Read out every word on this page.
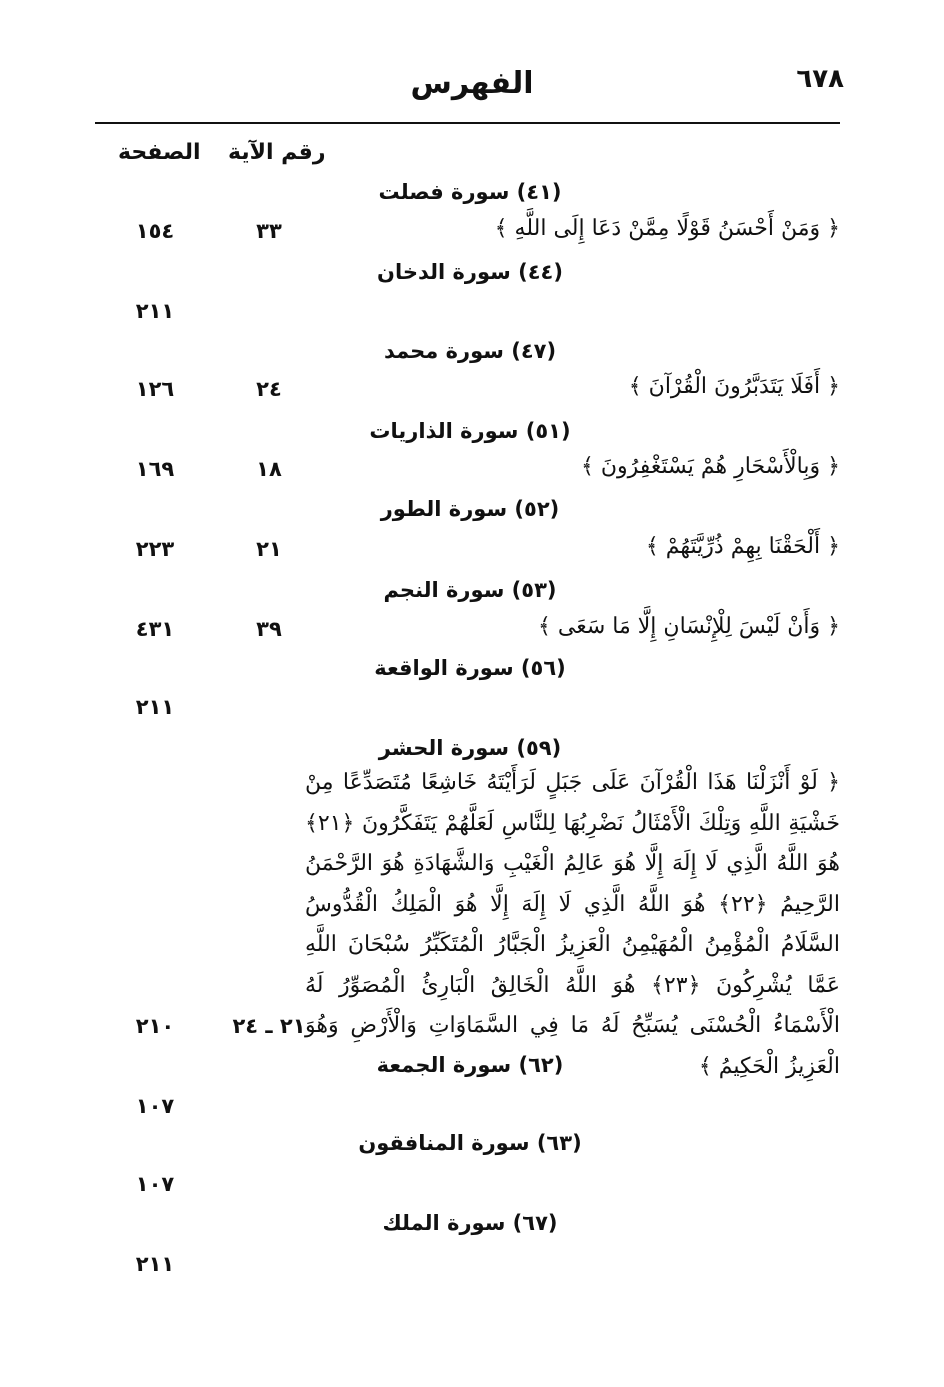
٦٧٨
الفهرس
رقم الآية
الصفحة
(٤١) سورة فصلت
﴿ وَمَنْ أَحْسَنُ قَوْلًا مِمَّنْ دَعَا إِلَى اللَّهِ ﴾
٣٣
١٥٤
(٤٤) سورة الدخان
٢١١
(٤٧) سورة محمد
﴿ أَفَلَا يَتَدَبَّرُونَ الْقُرْآنَ ﴾
٢٤
١٢٦
(٥١) سورة الذاريات
﴿ وَبِالْأَسْحَارِ هُمْ يَسْتَغْفِرُونَ ﴾
١٨
١٦٩
(٥٢) سورة الطور
﴿ أَلْحَقْنَا بِهِمْ ذُرِّيَّتَهُمْ ﴾
٢١
٢٢٣
(٥٣) سورة النجم
﴿ وَأَنْ لَيْسَ لِلْإِنْسَانِ إِلَّا مَا سَعَى ﴾
٣٩
٤٣١
(٥٦) سورة الواقعة
٢١١
(٥٩) سورة الحشر
﴿ لَوْ أَنْزَلْنَا هَذَا الْقُرْآنَ عَلَى جَبَلٍ لَرَأَيْتَهُ خَاشِعًا مُتَصَدِّعًا مِنْ خَشْيَةِ اللَّهِ وَتِلْكَ الْأَمْثَالُ نَضْرِبُهَا لِلنَّاسِ لَعَلَّهُمْ يَتَفَكَّرُونَ ﴿٢١﴾ هُوَ اللَّهُ الَّذِي لَا إِلَهَ إِلَّا هُوَ عَالِمُ الْغَيْبِ وَالشَّهَادَةِ هُوَ الرَّحْمَنُ الرَّحِيمُ ﴿٢٢﴾ هُوَ اللَّهُ الَّذِي لَا إِلَهَ إِلَّا هُوَ الْمَلِكُ الْقُدُّوسُ السَّلَامُ الْمُؤْمِنُ الْمُهَيْمِنُ الْعَزِيزُ الْجَبَّارُ الْمُتَكَبِّرُ سُبْحَانَ اللَّهِ عَمَّا يُشْرِكُونَ ﴿٢٣﴾ هُوَ اللَّهُ الْخَالِقُ الْبَارِئُ الْمُصَوِّرُ لَهُ الْأَسْمَاءُ الْحُسْنَى يُسَبِّحُ لَهُ مَا فِي السَّمَاوَاتِ وَالْأَرْضِ وَهُوَ الْعَزِيزُ الْحَكِيمُ ﴾
٢١ ـ ٢٤
٢١٠
(٦٢) سورة الجمعة
١٠٧
(٦٣) سورة المنافقون
١٠٧
(٦٧) سورة الملك
٢١١
